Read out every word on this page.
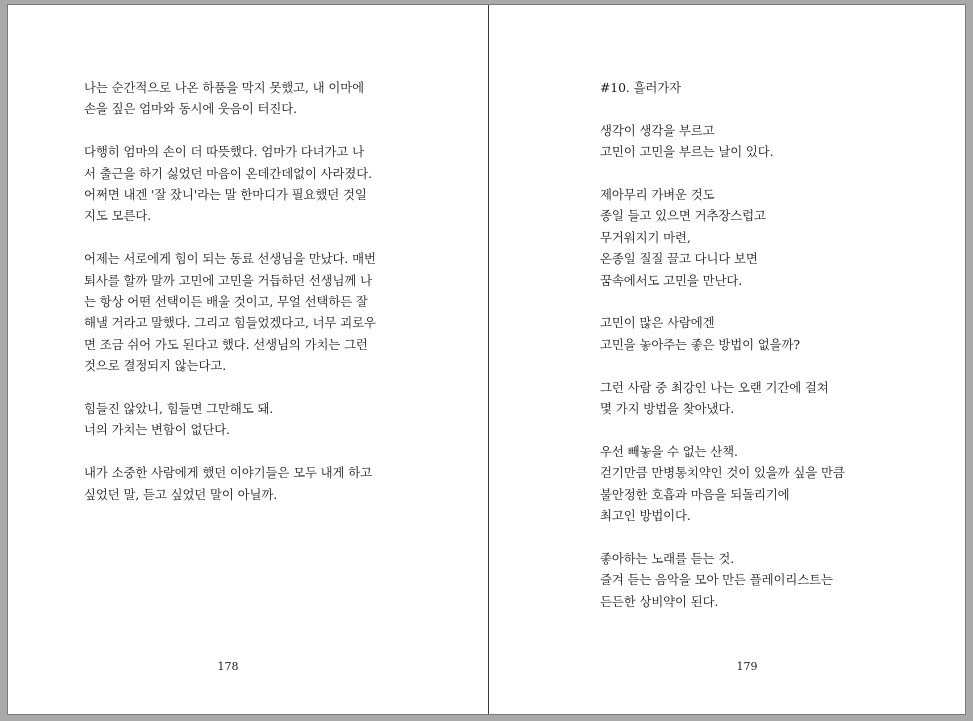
나는 순간적으로 나온 하품을 막지 못했고, 내 이마에
손을 짚은 엄마와 동시에 웃음이 터진다.

다행히 엄마의 손이 더 따뜻했다. 엄마가 다녀가고 나
서 출근을 하기 싫었던 마음이 온데간데없이 사라졌다.
어쩌면 내겐 '잘 잤니'라는 말 한마디가 필요했던 것일
지도 모른다.

어제는 서로에게 힘이 되는 동료 선생님을 만났다. 매번
퇴사를 할까 말까 고민에 고민을 거듭하던 선생님께 나
는 항상 어떤 선택이든 배울 것이고, 무얼 선택하든 잘
해낼 거라고 말했다. 그리고 힘들었겠다고, 너무 괴로우
면 조금 쉬어 가도 된다고 했다. 선생님의 가치는 그런
것으로 결정되지 않는다고.

힘들진 않았니, 힘들면 그만해도 돼.
너의 가치는 변함이 없단다.

내가 소중한 사람에게 했던 이야기들은 모두 내게 하고
싶었던 말, 듣고 싶었던 말이 아닐까.

178
#10. 흘러가자

생각이 생각을 부르고
고민이 고민을 부르는 날이 있다.

제아무리 가벼운 것도
종일 들고 있으면 거추장스럽고
무거워지기 마련,
온종일 질질 끌고 다니다 보면
꿈속에서도 고민을 만난다.

고민이 많은 사람에겐
고민을 놓아주는 좋은 방법이 없을까?

그런 사람 중 최강인 나는 오랜 기간에 걸쳐
몇 가지 방법을 찾아냈다.

우선 빼놓을 수 없는 산책.
걷기만큼 만병통치약인 것이 있을까 싶을 만큼
불안정한 호흡과 마음을 되돌리기에
최고인 방법이다.

좋아하는 노래를 듣는 것.
즐겨 듣는 음악을 모아 만든 플레이리스트는
든든한 상비약이 된다.

179
